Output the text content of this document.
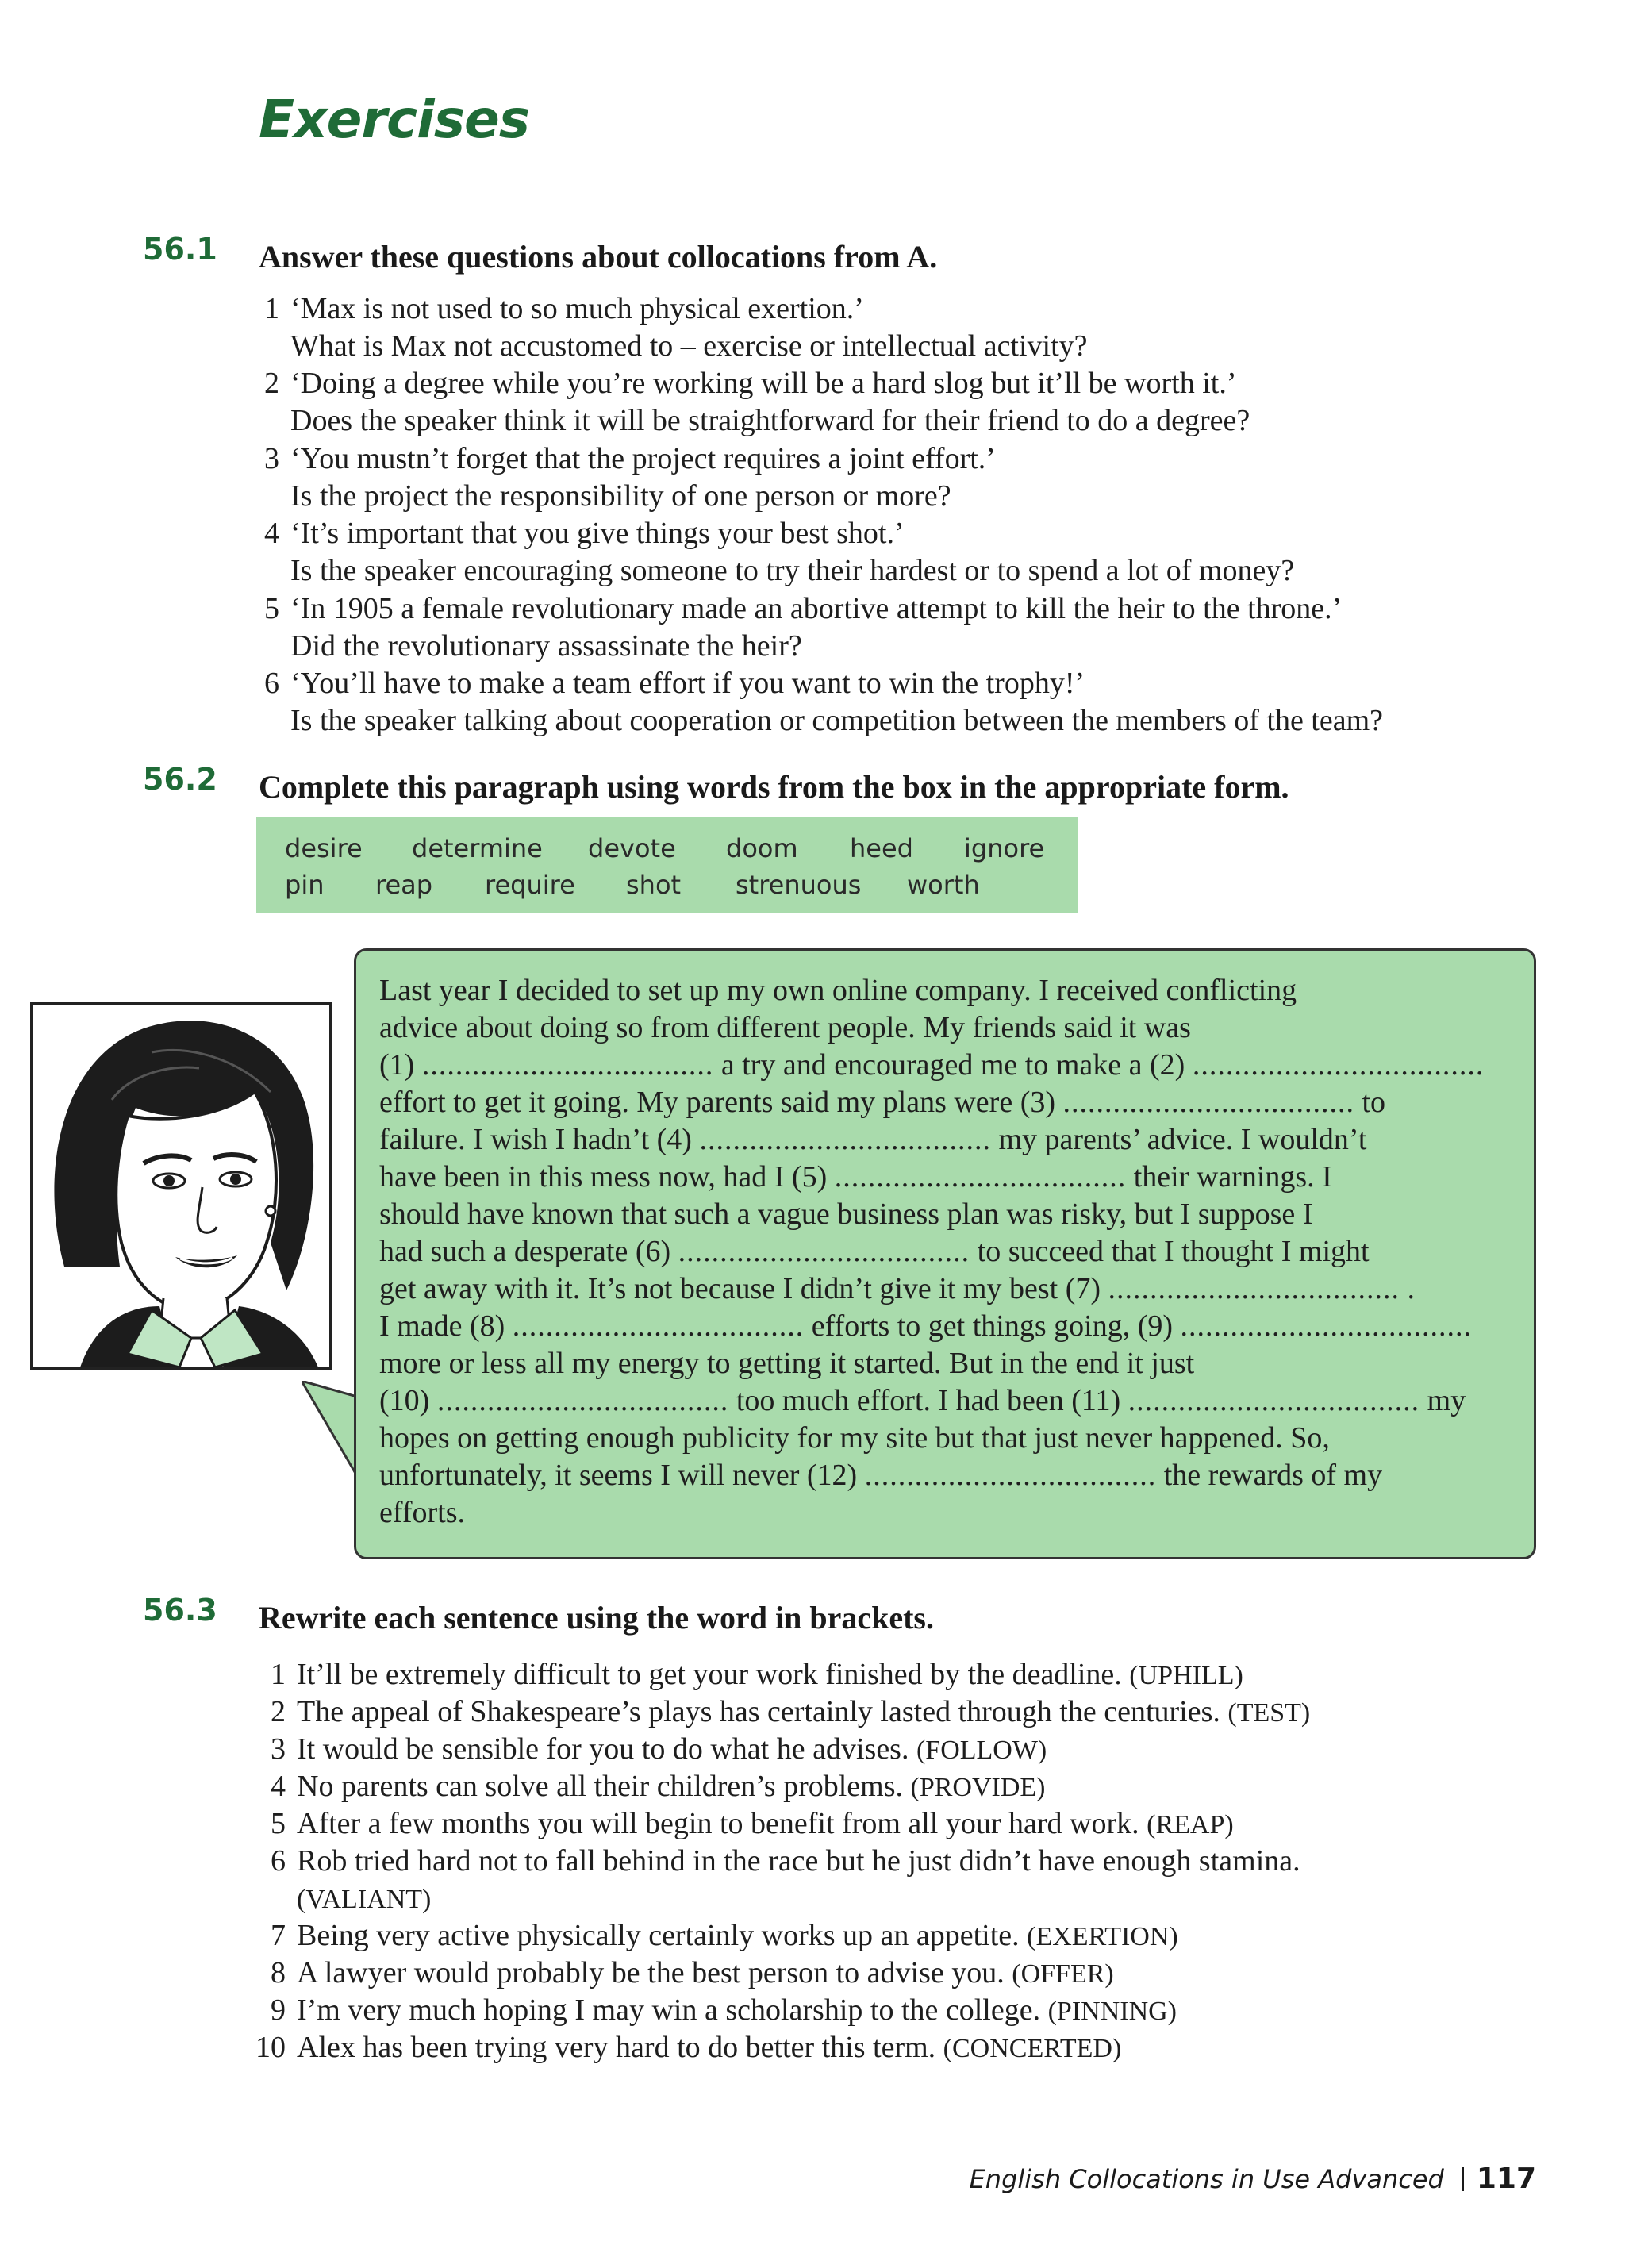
Exercises
56.1 Answer these questions about collocations from A.
1 ‘Max is not used to so much physical exertion.’
What is Max not accustomed to – exercise or intellectual activity?
2 ‘Doing a degree while you’re working will be a hard slog but it’ll be worth it.’
Does the speaker think it will be straightforward for their friend to do a degree?
3 ‘You mustn’t forget that the project requires a joint effort.’
Is the project the responsibility of one person or more?
4 ‘It’s important that you give things your best shot.’
Is the speaker encouraging someone to try their hardest or to spend a lot of money?
5 ‘In 1905 a female revolutionary made an abortive attempt to kill the heir to the throne.’
Did the revolutionary assassinate the heir?
6 ‘You’ll have to make a team effort if you want to win the trophy!’
Is the speaker talking about cooperation or competition between the members of the team?
56.2 Complete this paragraph using words from the box in the appropriate form.
desire determine devote doom heed ignore
pin reap require shot strenuous worth
Last year I decided to set up my own online company. I received conflicting
advice about doing so from different people. My friends said it was
(1) ................................... a try and encouraged me to make a (2) ...................................
effort to get it going. My parents said my plans were (3) ................................... to
failure. I wish I hadn’t (4) ................................... my parents’ advice. I wouldn’t
have been in this mess now, had I (5) ................................... their warnings. I
should have known that such a vague business plan was risky, but I suppose I
had such a desperate (6) ................................... to succeed that I thought I might
get away with it. It’s not because I didn’t give it my best (7) ................................... .
I made (8) ................................... efforts to get things going, (9) ...................................
more or less all my energy to getting it started. But in the end it just
(10) ................................... too much effort. I had been (11) ................................... my
hopes on getting enough publicity for my site but that just never happened. So,
unfortunately, it seems I will never (12) ................................... the rewards of my
efforts.
56.3 Rewrite each sentence using the word in brackets.
1 It’ll be extremely difficult to get your work finished by the deadline. (UPHILL)
2 The appeal of Shakespeare’s plays has certainly lasted through the centuries. (TEST)
3 It would be sensible for you to do what he advises. (FOLLOW)
4 No parents can solve all their children’s problems. (PROVIDE)
5 After a few months you will begin to benefit from all your hard work. (REAP)
6 Rob tried hard not to fall behind in the race but he just didn’t have enough stamina.
(VALIANT)
7 Being very active physically certainly works up an appetite. (EXERTION)
8 A lawyer would probably be the best person to advise you. (OFFER)
9 I’m very much hoping I may win a scholarship to the college. (PINNING)
10 Alex has been trying very hard to do better this term. (CONCERTED)
English Collocations in Use Advanced 117
